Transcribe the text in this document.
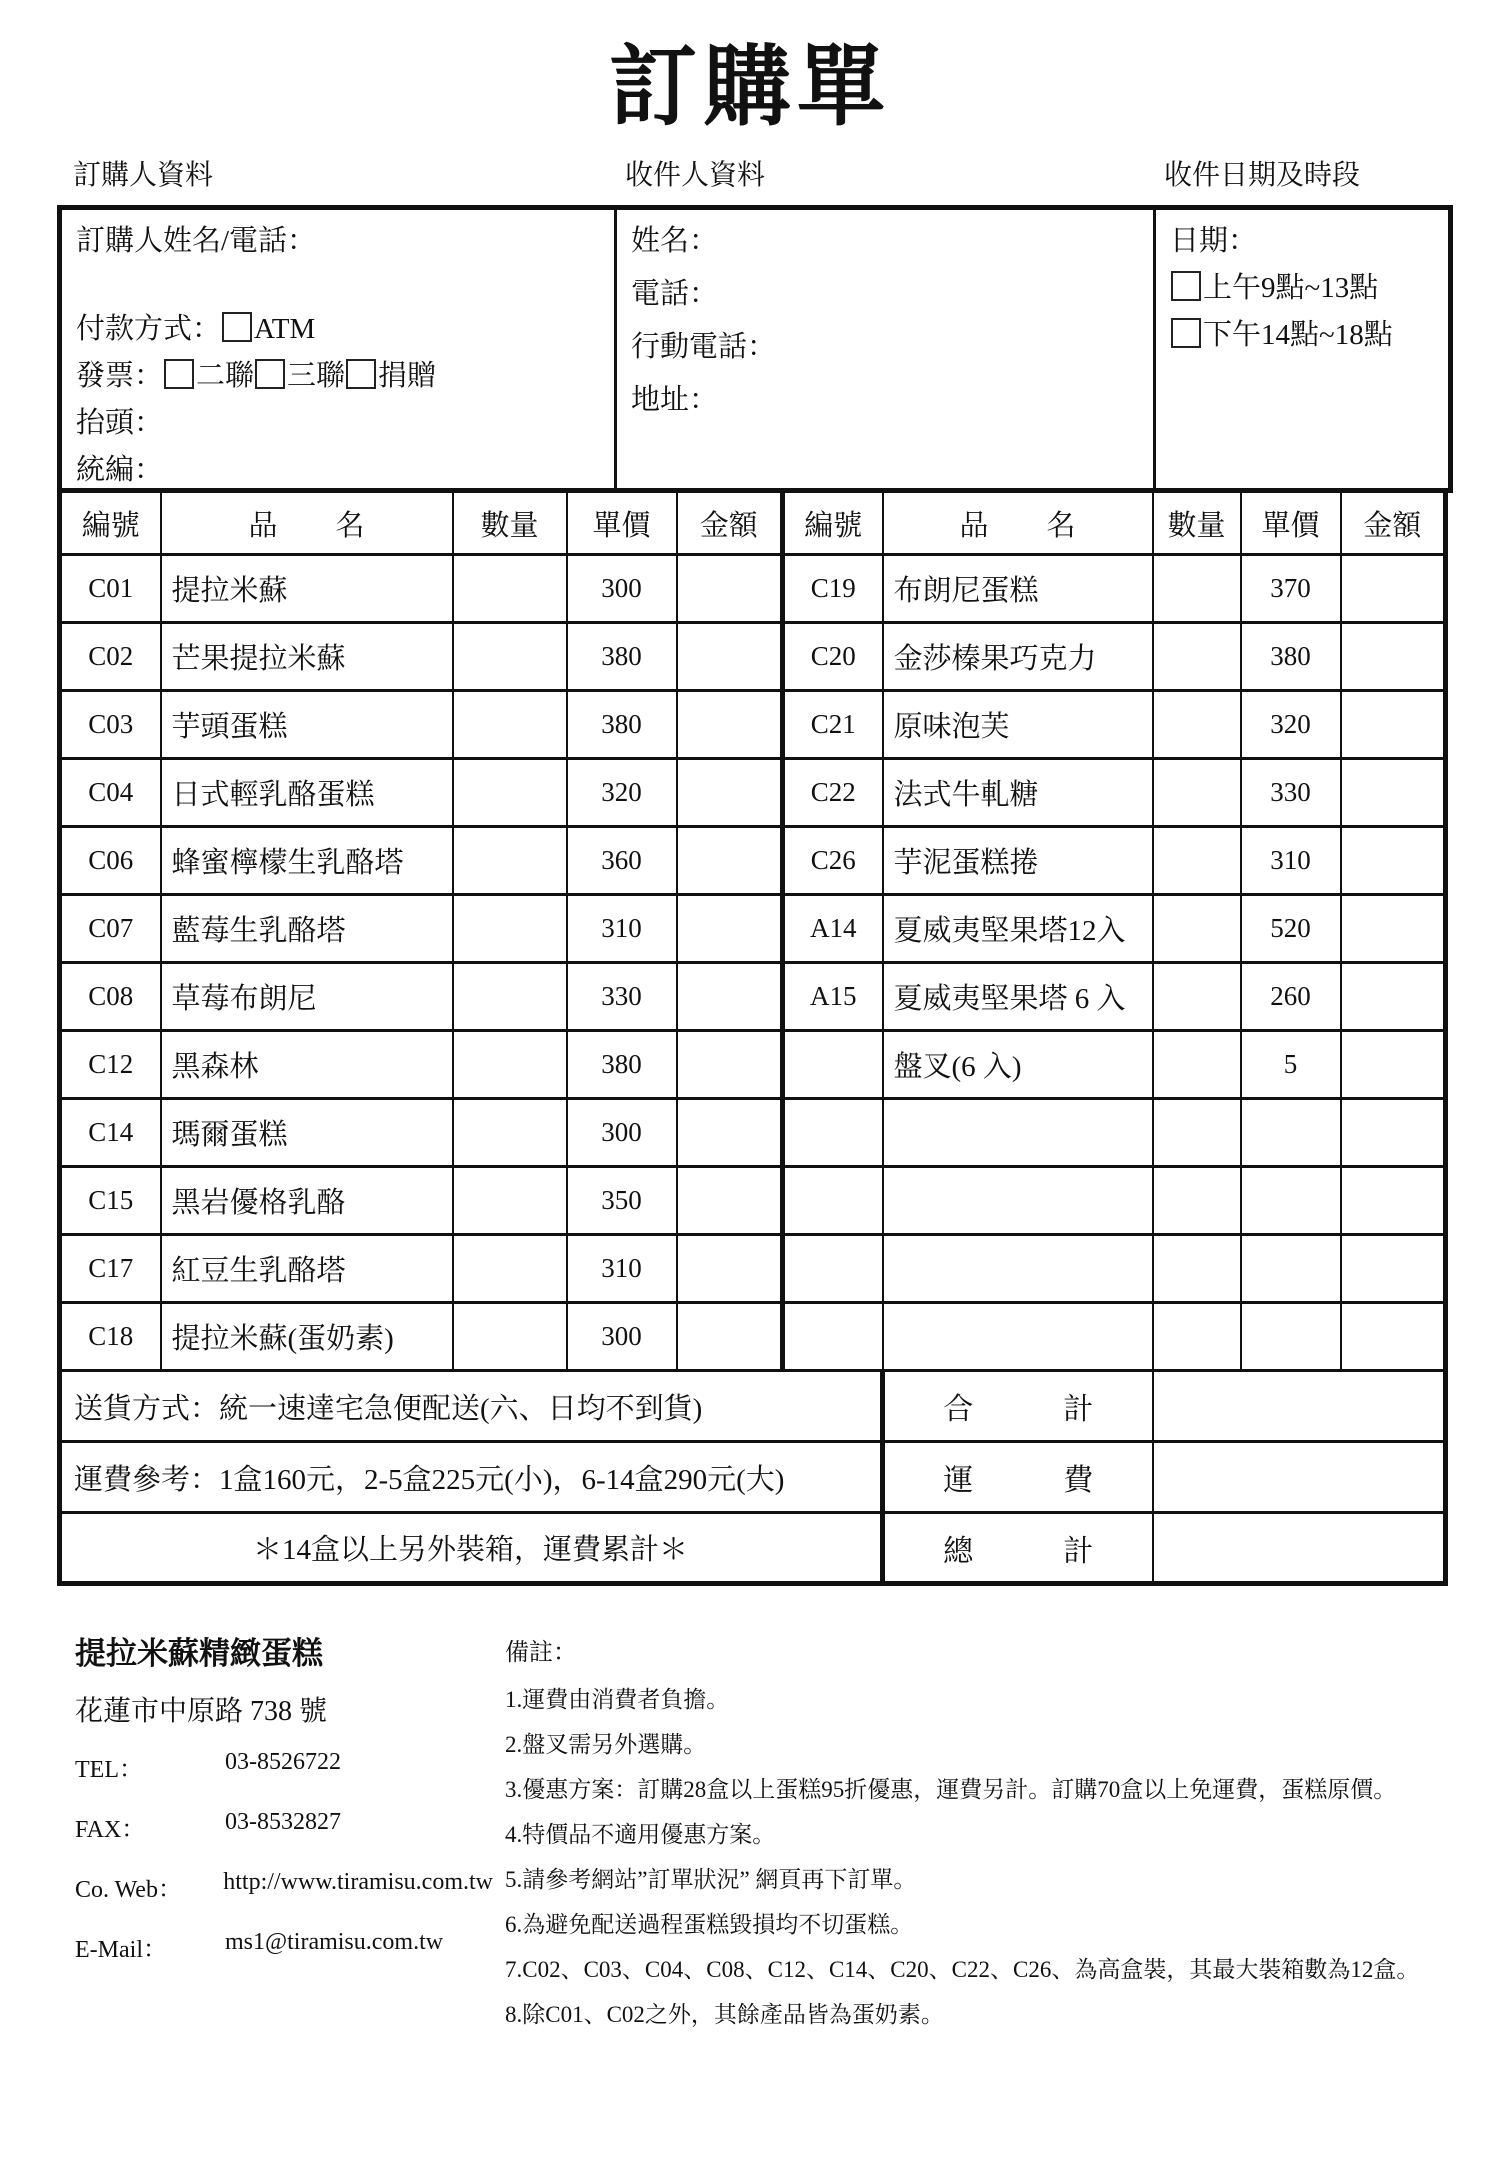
訂購單
訂購人資料	收件人資料	收件日期及時段

訂購人姓名/電話：

付款方式： ATM

發票： 二聯 三聯 捐贈

抬頭：

統編：

姓名：

電話：

行動電話：

地址：

日期：

上午9點~13點

下午14點~18點

編號	品　　名	數量	單價	金額	編號	品　　名	數量	單價	金額
C01	提拉米蘇		300		C19	布朗尼蛋糕		370	
C02	芒果提拉米蘇		380		C20	金莎榛果巧克力		380	
C03	芋頭蛋糕		380		C21	原味泡芙		320	
C04	日式輕乳酪蛋糕		320		C22	法式牛軋糖		330	
C06	蜂蜜檸檬生乳酪塔		360		C26	芋泥蛋糕捲		310	
C07	藍莓生乳酪塔		310		A14	夏威夷堅果塔12入		520	
C08	草莓布朗尼		330		A15	夏威夷堅果塔 6 入		260	
C12	黑森林		380			盤叉(6 入)		5	
C14	瑪爾蛋糕		300						
C15	黑岩優格乳酪		350						
C17	紅豆生乳酪塔		310						
C18	提拉米蘇(蛋奶素)		300						
送貨方式：統一速達宅急便配送(六、日均不到貨)						合　　　計			
運費參考：1盒160元，2-5盒225元(小)，6-14盒290元(大)						運　　　費			
＊14盒以上另外裝箱，運費累計＊						總　　　計			

提拉米蘇精緻蛋糕

花蓮市中原路 738 號

TEL：	03-8526722
FAX：	03-8532827
Co. Web：	http://www.tiramisu.com.tw
E-Mail：	ms1@tiramisu.com.tw

備註：

1.運費由消費者負擔。

2.盤叉需另外選購。

3.優惠方案：訂購28盒以上蛋糕95折優惠，運費另計。訂購70盒以上免運費，蛋糕原價。

4.特價品不適用優惠方案。

5.請參考網站”訂單狀況” 網頁再下訂單。

6.為避免配送過程蛋糕毀損均不切蛋糕。

7.C02、C03、C04、C08、C12、C14、C20、C22、C26、為高盒裝，其最大裝箱數為12盒。

8.除C01、C02之外，其餘產品皆為蛋奶素。
